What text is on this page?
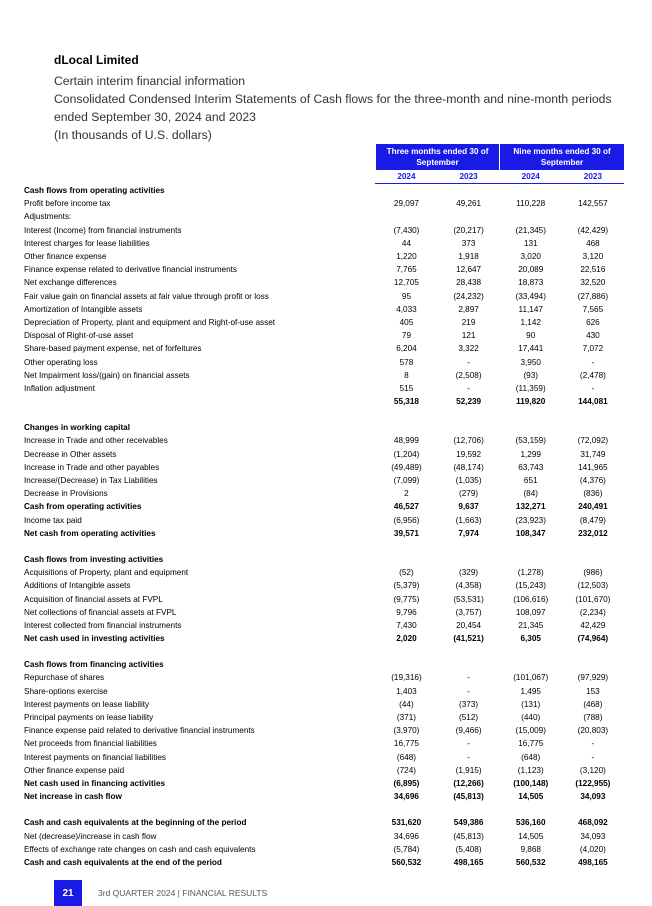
dLocal Limited

Certain interim financial information

Consolidated Condensed Interim Statements of Cash flows for the three-month and nine-month periods ended September 30, 2024 and 2023

(In thousands of U.S. dollars)

	Three months ended 30 of September		Nine months ended 30 of September	
	2024	2023	2024	2023
Cash flows from operating activities				
Profit before income tax	29,097	49,261	110,228	142,557
Adjustments:				
Interest (Income) from financial instruments	(7,430)	(20,217)	(21,345)	(42,429)
Interest charges for lease liabilities	44	373	131	468
Other finance expense	1,220	1,918	3,020	3,120
Finance expense related to derivative financial instruments	7,765	12,647	20,089	22,516
Net exchange differences	12,705	28,438	18,873	32,520
Fair value gain on financial assets at fair value through profit or loss	95	(24,232)	(33,494)	(27,886)
Amortization of Intangible assets	4,033	2,897	11,147	7,565
Depreciation of Property, plant and equipment and Right-of-use asset	405	219	1,142	626
Disposal of Right-of-use asset	79	121	90	430
Share-based payment expense, net of forfeitures	6,204	3,322	17,441	7,072
Other operating loss	578	-	3,950	-
Net Impairment loss/(gain) on financial assets	8	(2,508)	(93)	(2,478)
Inflation adjustment	515	-	(11,359)	-
	55,318	52,239	119,820	144,081

Changes in working capital				
Increase in Trade and other receivables	48,999	(12,706)	(53,159)	(72,092)
Decrease in Other assets	(1,204)	19,592	1,299	31,749
Increase in Trade and other payables	(49,489)	(48,174)	63,743	141,965
Increase/(Decrease) in Tax Liabilities	(7,099)	(1,035)	651	(4,376)
Decrease in Provisions	2	(279)	(84)	(836)
Cash from operating activities	46,527	9,637	132,271	240,491
Income tax paid	(6,956)	(1,663)	(23,923)	(8,479)
Net cash from operating activities	39,571	7,974	108,347	232,012

Cash flows from investing activities				
Acquisitions of Property, plant and equipment	(52)	(329)	(1,278)	(986)
Additions of Intangible assets	(5,379)	(4,358)	(15,243)	(12,503)
Acquisition of financial assets at FVPL	(9,775)	(53,531)	(106,616)	(101,670)
Net collections of financial assets at FVPL	9,796	(3,757)	108,097	(2,234)
Interest collected from financial instruments	7,430	20,454	21,345	42,429
Net cash used in investing activities	2,020	(41,521)	6,305	(74,964)

Cash flows from financing activities				
Repurchase of shares	(19,316)	-	(101,067)	(97,929)
Share-options exercise	1,403	-	1,495	153
Interest payments on lease liability	(44)	(373)	(131)	(468)
Principal payments on lease liability	(371)	(512)	(440)	(788)
Finance expense paid related to derivative financial instruments	(3,970)	(9,466)	(15,009)	(20,803)
Net proceeds from financial liabilities	16,775	-	16,775	-
Interest payments on financial liabilities	(648)	-	(648)	-
Other finance expense paid	(724)	(1,915)	(1,123)	(3,120)
Net cash used in financing activities	(6,895)	(12,266)	(100,148)	(122,955)
Net increase in cash flow	34,696	(45,813)	14,505	34,093

Cash and cash equivalents at the beginning of the period	531,620	549,386	536,160	468,092
Net (decrease)/increase in cash flow	34,696	(45,813)	14,505	34,093
Effects of exchange rate changes on cash and cash equivalents	(5,784)	(5,408)	9,868	(4,020)
Cash and cash equivalents at the end of the period	560,532	498,165	560,532	498,165
21	3rd QUARTER 2024 | FINANCIAL RESULTS
